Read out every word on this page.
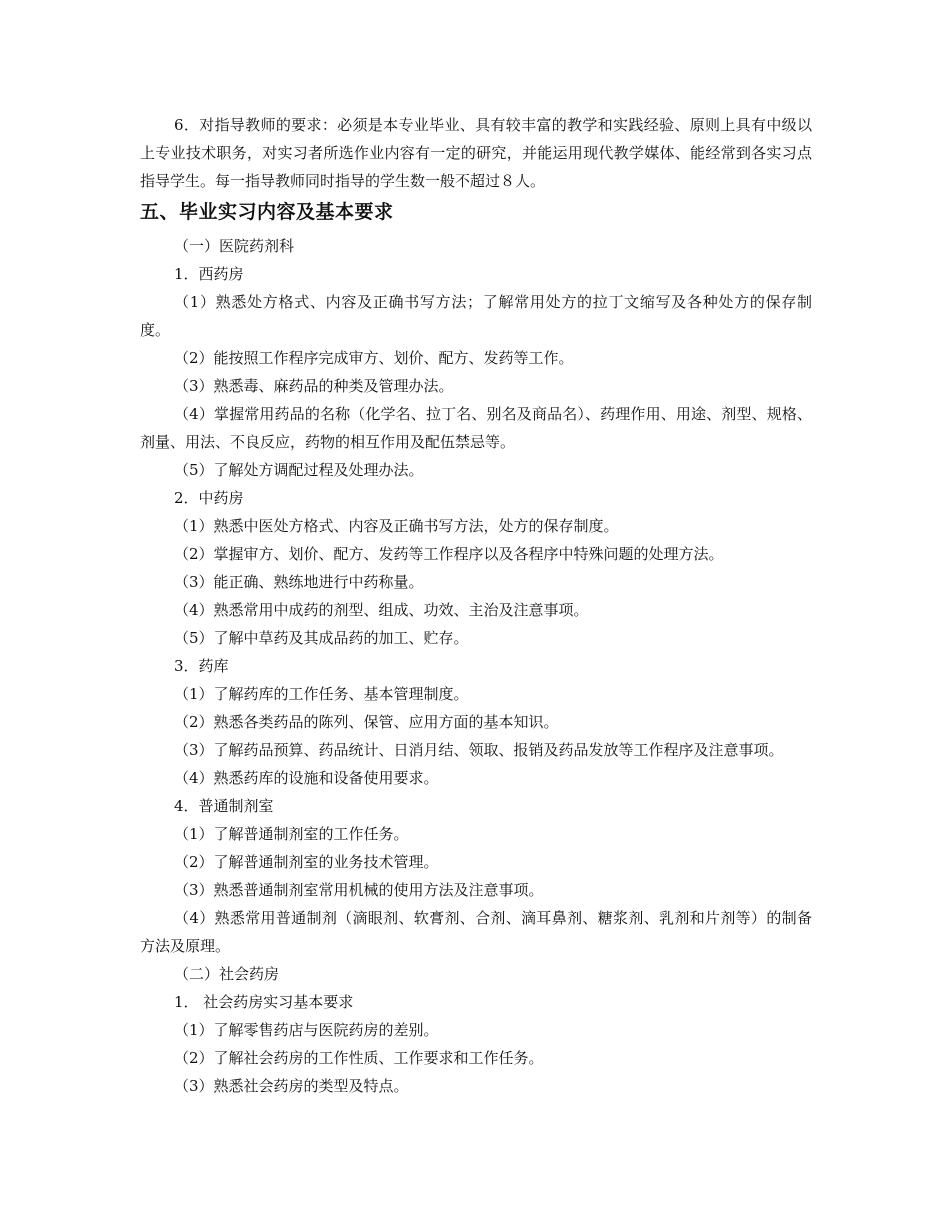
6．对指导教师的要求：必须是本专业毕业、具有较丰富的教学和实践经验、原则上具有中级以上专业技术职务，对实习者所选作业内容有一定的研究，并能运用现代教学媒体、能经常到各实习点指导学生。每一指导教师同时指导的学生数一般不超过８人。

五、毕业实习内容及基本要求

（一）医院药剂科

1．西药房

（1）熟悉处方格式、内容及正确书写方法；了解常用处方的拉丁文缩写及各种处方的保存制度。

（2）能按照工作程序完成审方、划价、配方、发药等工作。

（3）熟悉毒、麻药品的种类及管理办法。

（4）掌握常用药品的名称（化学名、拉丁名、别名及商品名）、药理作用、用途、剂型、规格、剂量、用法、不良反应，药物的相互作用及配伍禁忌等。

（5）了解处方调配过程及处理办法。

2．中药房

（1）熟悉中医处方格式、内容及正确书写方法，处方的保存制度。

（2）掌握审方、划价、配方、发药等工作程序以及各程序中特殊问题的处理方法。

（3）能正确、熟练地进行中药称量。

（4）熟悉常用中成药的剂型、组成、功效、主治及注意事项。

（5）了解中草药及其成品药的加工、贮存。

3．药库

（1）了解药库的工作任务、基本管理制度。

（2）熟悉各类药品的陈列、保管、应用方面的基本知识。

（3）了解药品预算、药品统计、日消月结、领取、报销及药品发放等工作程序及注意事项。

（4）熟悉药库的设施和设备使用要求。

4．普通制剂室

（1）了解普通制剂室的工作任务。

（2）了解普通制剂室的业务技术管理。

（3）熟悉普通制剂室常用机械的使用方法及注意事项。

（4）熟悉常用普通制剂（滴眼剂、软膏剂、合剂、滴耳鼻剂、糖浆剂、乳剂和片剂等）的制备方法及原理。

（二）社会药房

1． 社会药房实习基本要求

（1）了解零售药店与医院药房的差别。

（2）了解社会药房的工作性质、工作要求和工作任务。

（3）熟悉社会药房的类型及特点。
